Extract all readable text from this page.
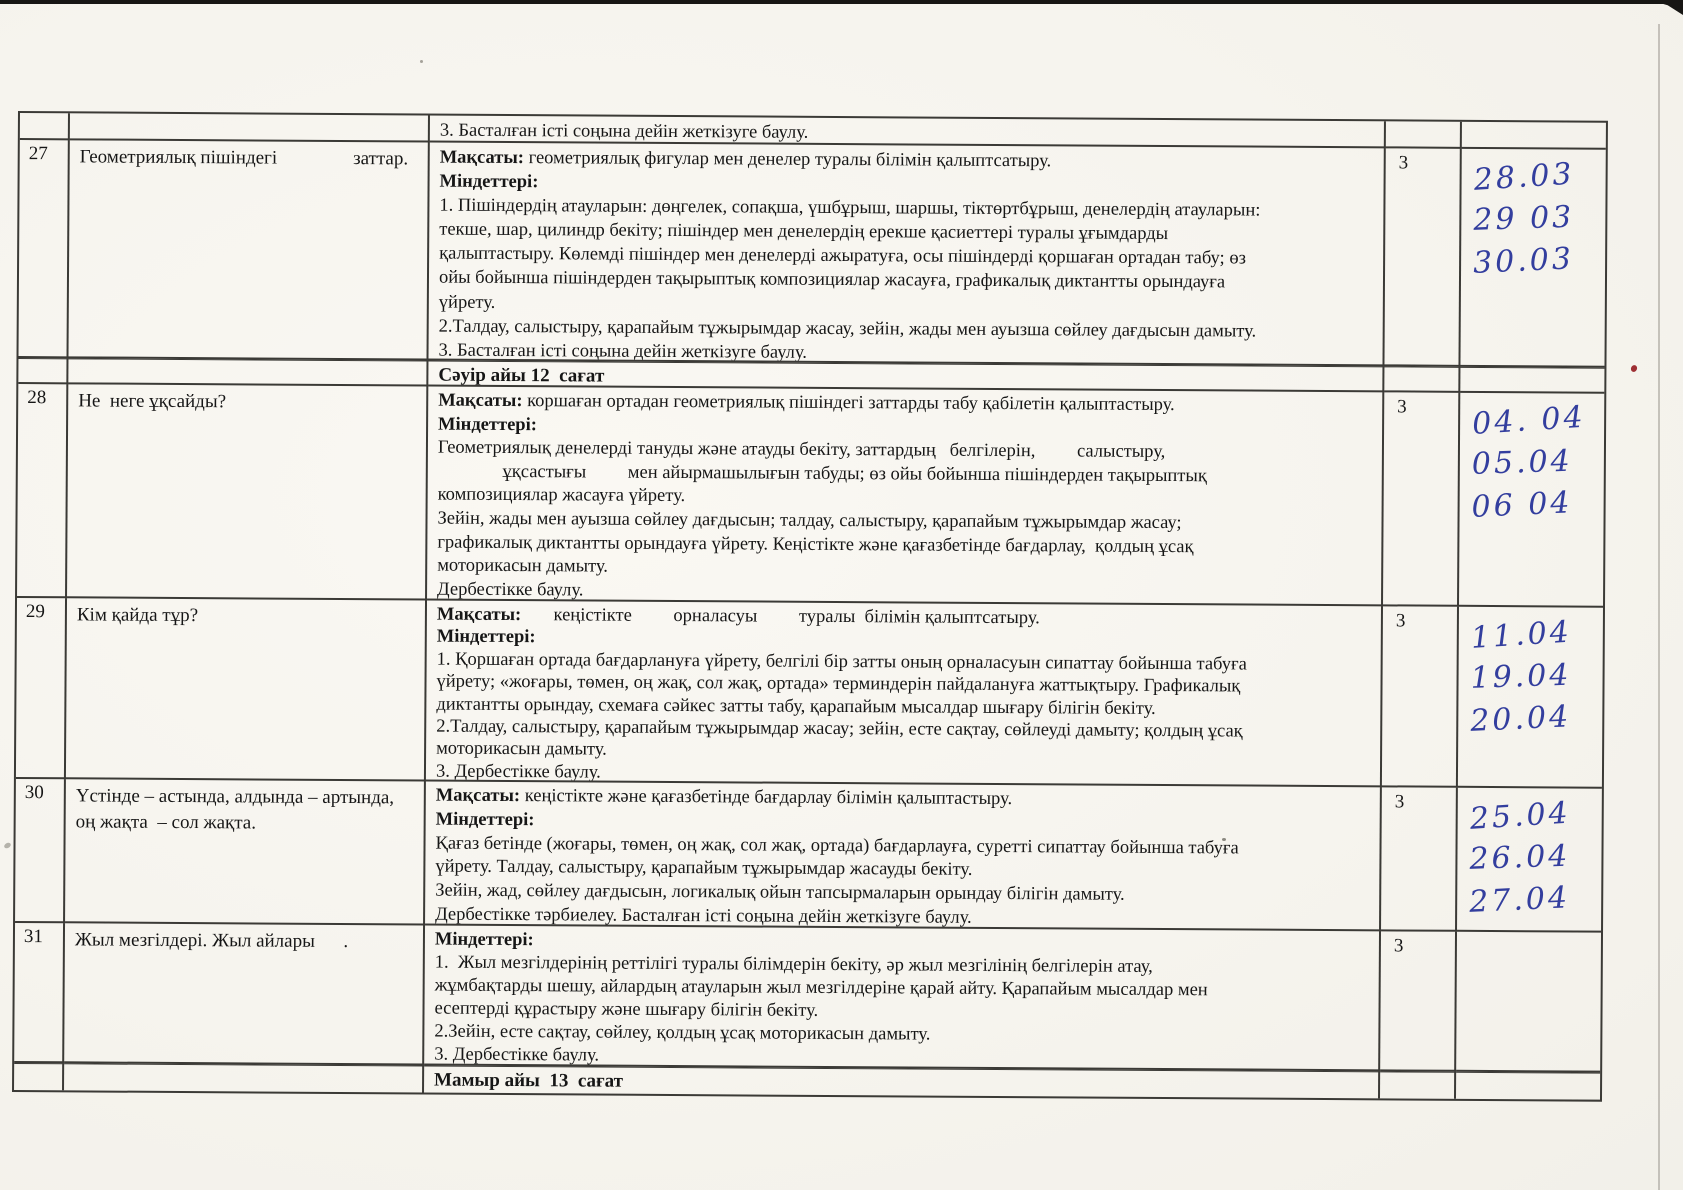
3. Басталған істі соңына дейін жеткізуге баулу.
27	Геометриялық пішіндегі                заттар.	Мақсаты: геометриялық фигулар мен денелер туралы білімін қалыптсатыру.
Міндеттері:
1. Пішіндердің атауларын: дөңгелек, сопақша, үшбұрыш, шаршы, тіктөртбұрыш, денелердің атауларын:
текше, шар, цилиндр бекіту; пішіндер мен денелердің ерекше қасиеттері туралы ұғымдарды
қалыптастыру. Көлемді пішіндер мен денелерді ажыратуға, осы пішіндерді қоршаған ортадан табу; өз
ойы бойынша пішіндерден тақырыптық композициялар жасауға, графикалық диктантты орындауға
үйрету.
2.Талдау, салыстыру, қарапайым тұжырымдар жасау, зейін, жады мен ауызша сөйлеу дағдысын дамыту.
3. Басталған істі соңына дейін жеткізуге баулу.
3	28.03
29 03
30.03
Сәуір айы 12  сағат
28	Не  неге ұқсайды?	Мақсаты: коршаған ортадан геометриялық пішіндегі заттарды табу қабілетін қалыптастыру.
Міндеттері:
Геометриялық денелерді тануды және атауды бекіту, заттардың   белгілерін,         салыстыру,
ұқсастығы         мен айырмашылығын табуды; өз ойы бойынша пішіндерден тақырыптық
композициялар жасауға үйрету.
Зейін, жады мен ауызша сөйлеу дағдысын; талдау, салыстыру, қарапайым тұжырымдар жасау;
графикалық диктантты орындауға үйрету. Кеңістікте және қағазбетінде бағдарлау,  қолдың ұсақ
моторикасын дамыту.
Дербестікке баулу.
3	04. 04
05.04
06 04
29	Кім қайда тұр?	Мақсаты:       кеңістікте         орналасуы         туралы  білімін қалыптсатыру.
Міндеттері:
1. Қоршаған ортада бағдарлануға үйрету, белгілі бір затты оның орналасуын сипаттау бойынша табуға
үйрету; «жоғары, төмен, оң жақ, сол жақ, ортада» терминдерін пайдалануға жаттықтыру. Графикалық
диктантты орындау, схемаға сәйкес затты табу, қарапайым мысалдар шығару білігін бекіту.
2.Талдау, салыстыру, қарапайым тұжырымдар жасау; зейін, есте сақтау, сөйлеуді дамыту; қолдың ұсақ
моторикасын дамыту.
3. Дербестікке баулу.
3	11.04
19.04
20.04
30	Үстінде – астында, алдында – артында,
оң жақта  – сол жақта.
Мақсаты: кеңістікте және қағазбетінде бағдарлау білімін қалыптастыру.
Міндеттері:
Қағаз бетінде (жоғары, төмен, оң жақ, сол жақ, ортада) бағдарлауға, суретті сипаттау бойынша табуға
үйрету. Талдау, салыстыру, қарапайым тұжырымдар жасауды бекіту.
Зейін, жад, сөйлеу дағдысын, логикалық ойын тапсырмаларын орындау білігін дамыту.
Дербестікке тәрбиелеу. Басталған істі соңына дейін жеткізуге баулу.
3	25.04
26.04
27.04
31	Жыл мезгілдері. Жыл айлары      .	Міндеттері:
1.  Жыл мезгілдерінің реттілігі туралы білімдерін бекіту, әр жыл мезгілінің белгілерін атау,
жұмбақтарды шешу, айлардың атауларын жыл мезгілдеріне қарай айту. Қарапайым мысалдар мен
есептерді құрастыру және шығару білігін бекіту.
2.Зейін, есте сақтау, сөйлеу, қолдың ұсақ моторикасын дамыту.
3. Дербестікке баулу.
3
Мамыр айы  13  сағат
